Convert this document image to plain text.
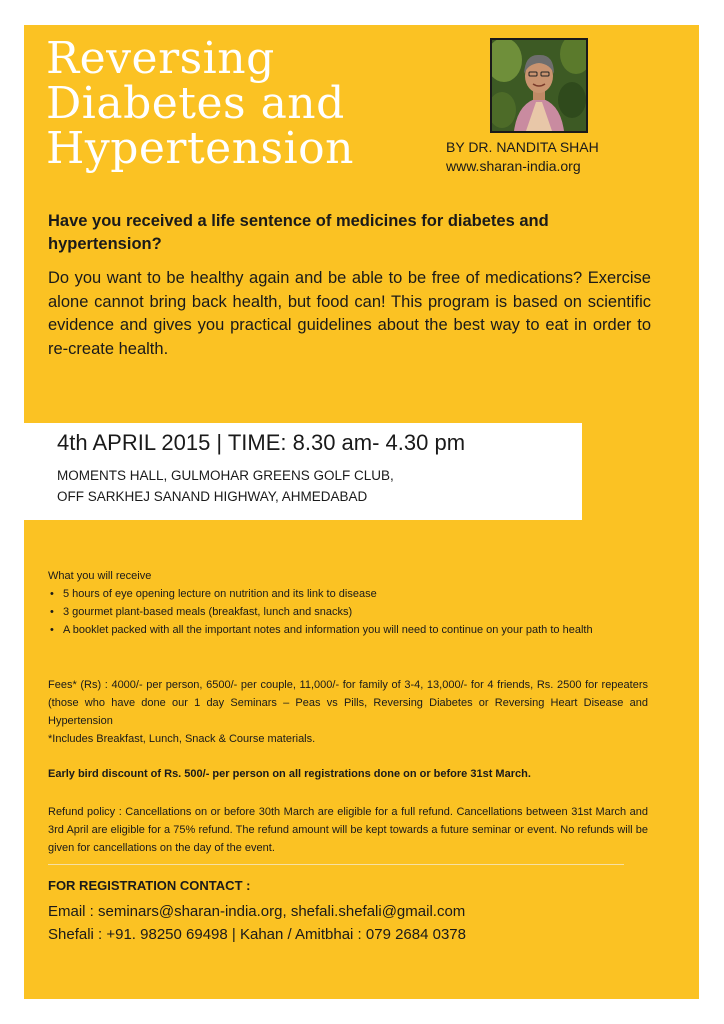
Reversing
Diabetes and
Hypertension	BY DR. NANDITA SHAH
www.sharan-india.org
Have you received a life sentence of medicines for diabetes and hypertension?
Do you want to be healthy again and be able to be free of medications? Exercise alone cannot bring back health, but food can! This program is based on scientific evidence and gives you practical guidelines about the best way to eat in order to re-create health.
4th APRIL 2015 | TIME: 8.30 am- 4.30 pm
MOMENTS HALL, GULMOHAR GREENS GOLF CLUB,
OFF SARKHEJ SANAND HIGHWAY, AHMEDABAD
What you will receive
• 5 hours of eye opening lecture on nutrition and its link to disease
• 3 gourmet plant-based meals (breakfast, lunch and snacks)
• A booklet packed with all the important notes and information you will need to continue on your path to health
Fees* (Rs) : 4000/- per person, 6500/- per couple, 11,000/- for family of 3-4, 13,000/- for 4 friends, Rs. 2500 for repeaters (those who have done our 1 day Seminars – Peas vs Pills, Reversing Diabetes or Reversing Heart Disease and Hypertension
*Includes Breakfast, Lunch, Snack & Course materials.
Early bird discount of Rs. 500/- per person on all registrations done on or before 31st March.
Refund policy : Cancellations on or before 30th March are eligible for a full refund. Cancellations between 31st March and 3rd April are eligible for a 75% refund. The refund amount will be kept towards a future seminar or event. No refunds will be given for cancellations on the day of the event.
FOR REGISTRATION CONTACT :
Email : seminars@sharan-india.org, shefali.shefali@gmail.com
Shefali : +91. 98250 69498 | Kahan / Amitbhai : 079 2684 0378
